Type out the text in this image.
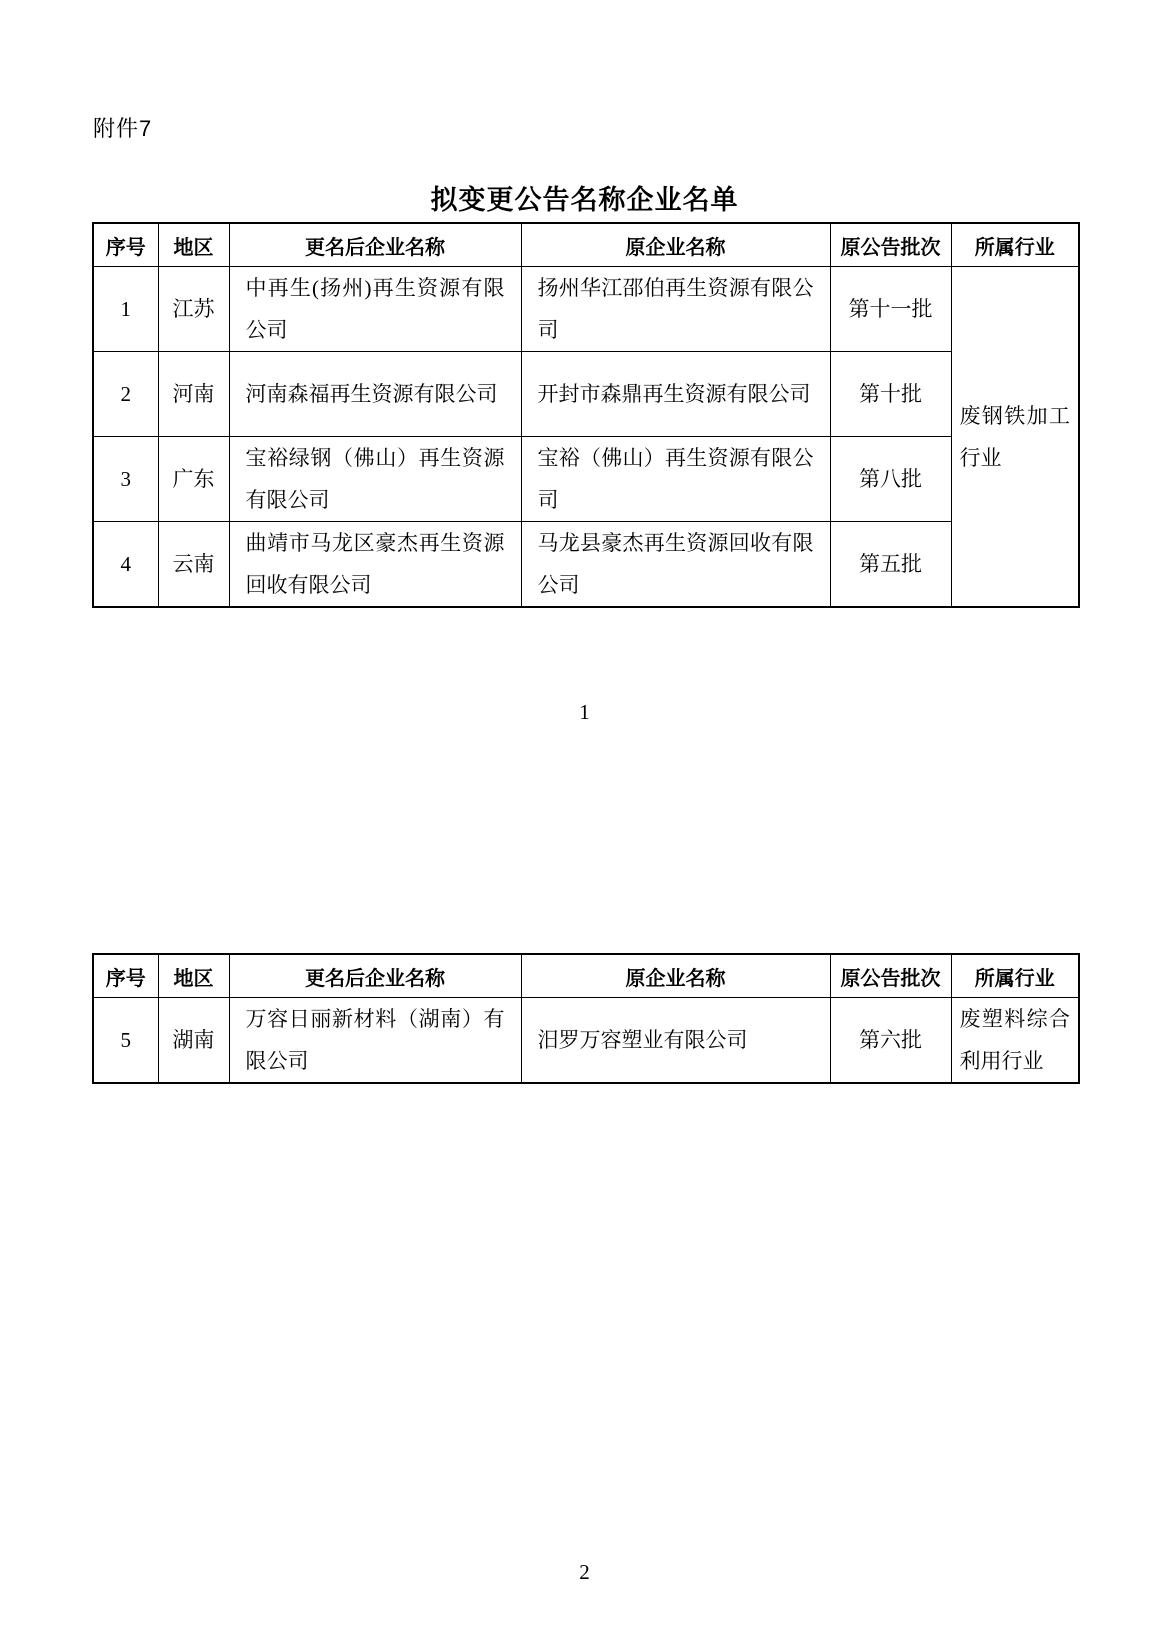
附件7
拟变更公告名称企业名单
序号	地区	更名后企业名称	原企业名称	原公告批次	所属行业
1	江苏	中再生(扬州)再生资源有限公司	扬州华江邵伯再生资源有限公司	第十一批	废钢铁加工行业
2	河南	河南森福再生资源有限公司	开封市森鼎再生资源有限公司	第十批	
3	广东	宝裕绿钢（佛山）再生资源有限公司	宝裕（佛山）再生资源有限公司	第八批	
4	云南	曲靖市马龙区豪杰再生资源回收有限公司	马龙县豪杰再生资源回收有限公司	第五批	
1
序号	地区	更名后企业名称	原企业名称	原公告批次	所属行业
5	湖南	万容日丽新材料（湖南）有限公司	汨罗万容塑业有限公司	第六批	废塑料综合利用行业
2
